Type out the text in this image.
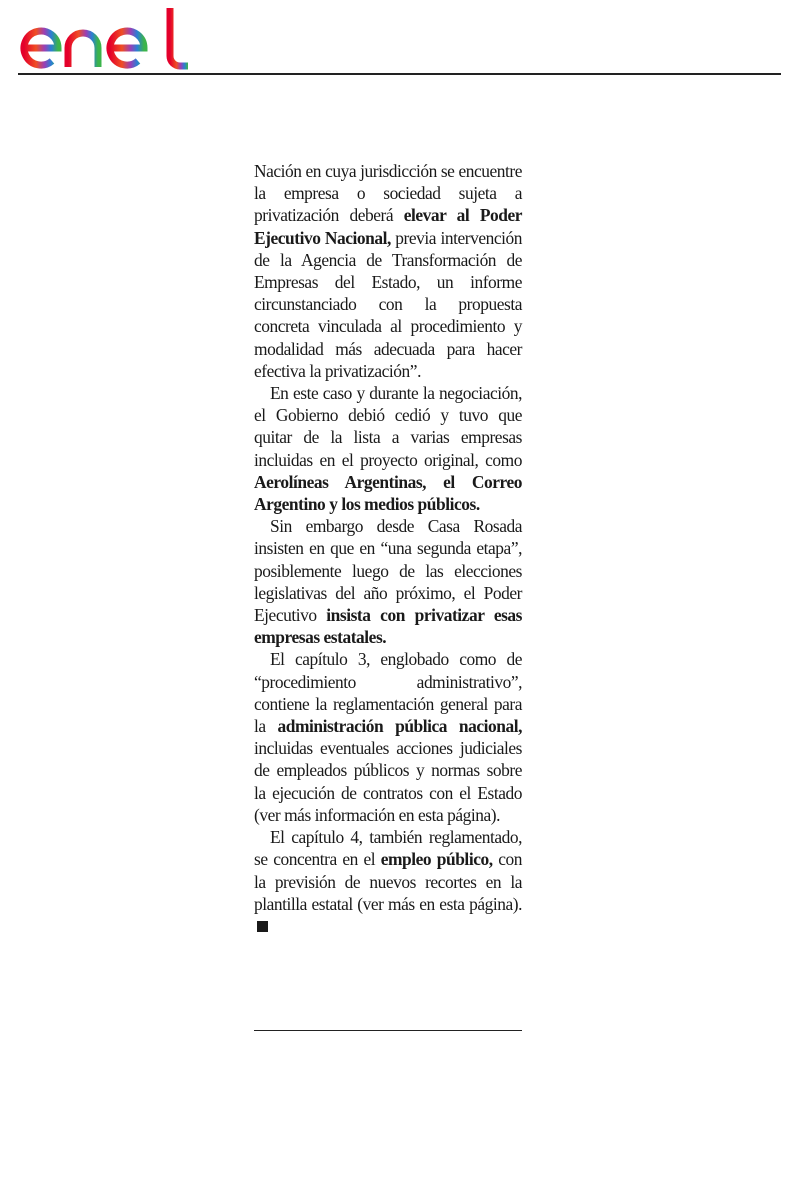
Nación en cuya jurisdicción se encuentre la empresa o sociedad sujeta a privatización deberá elevar al Poder Ejecutivo Nacional, previa intervención de la Agencia de Transformación de Empresas del Estado, un informe circunstanciado con la propuesta concreta vinculada al procedimiento y modalidad más adecuada para hacer efectiva la privatización”.

En este caso y durante la negociación, el Gobierno debió cedió y tuvo que quitar de la lista a varias empresas incluidas en el proyecto original, como Aerolíneas Argentinas, el Correo Argentino y los medios públicos.

Sin embargo desde Casa Rosada insisten en que en “una segunda etapa”, posiblemente luego de las elecciones legislativas del año próximo, el Poder Ejecutivo insista con privatizar esas empresas estatales.

El capítulo 3, englobado como de “procedimiento administrativo”, contiene la reglamentación general para la administración pública nacional, incluidas eventuales acciones judiciales de empleados públicos y normas sobre la ejecución de contratos con el Estado (ver más información en esta página).

El capítulo 4, también reglamentado, se concentra en el empleo público, con la previsión de nuevos recortes en la plantilla estatal (ver más en esta página).
